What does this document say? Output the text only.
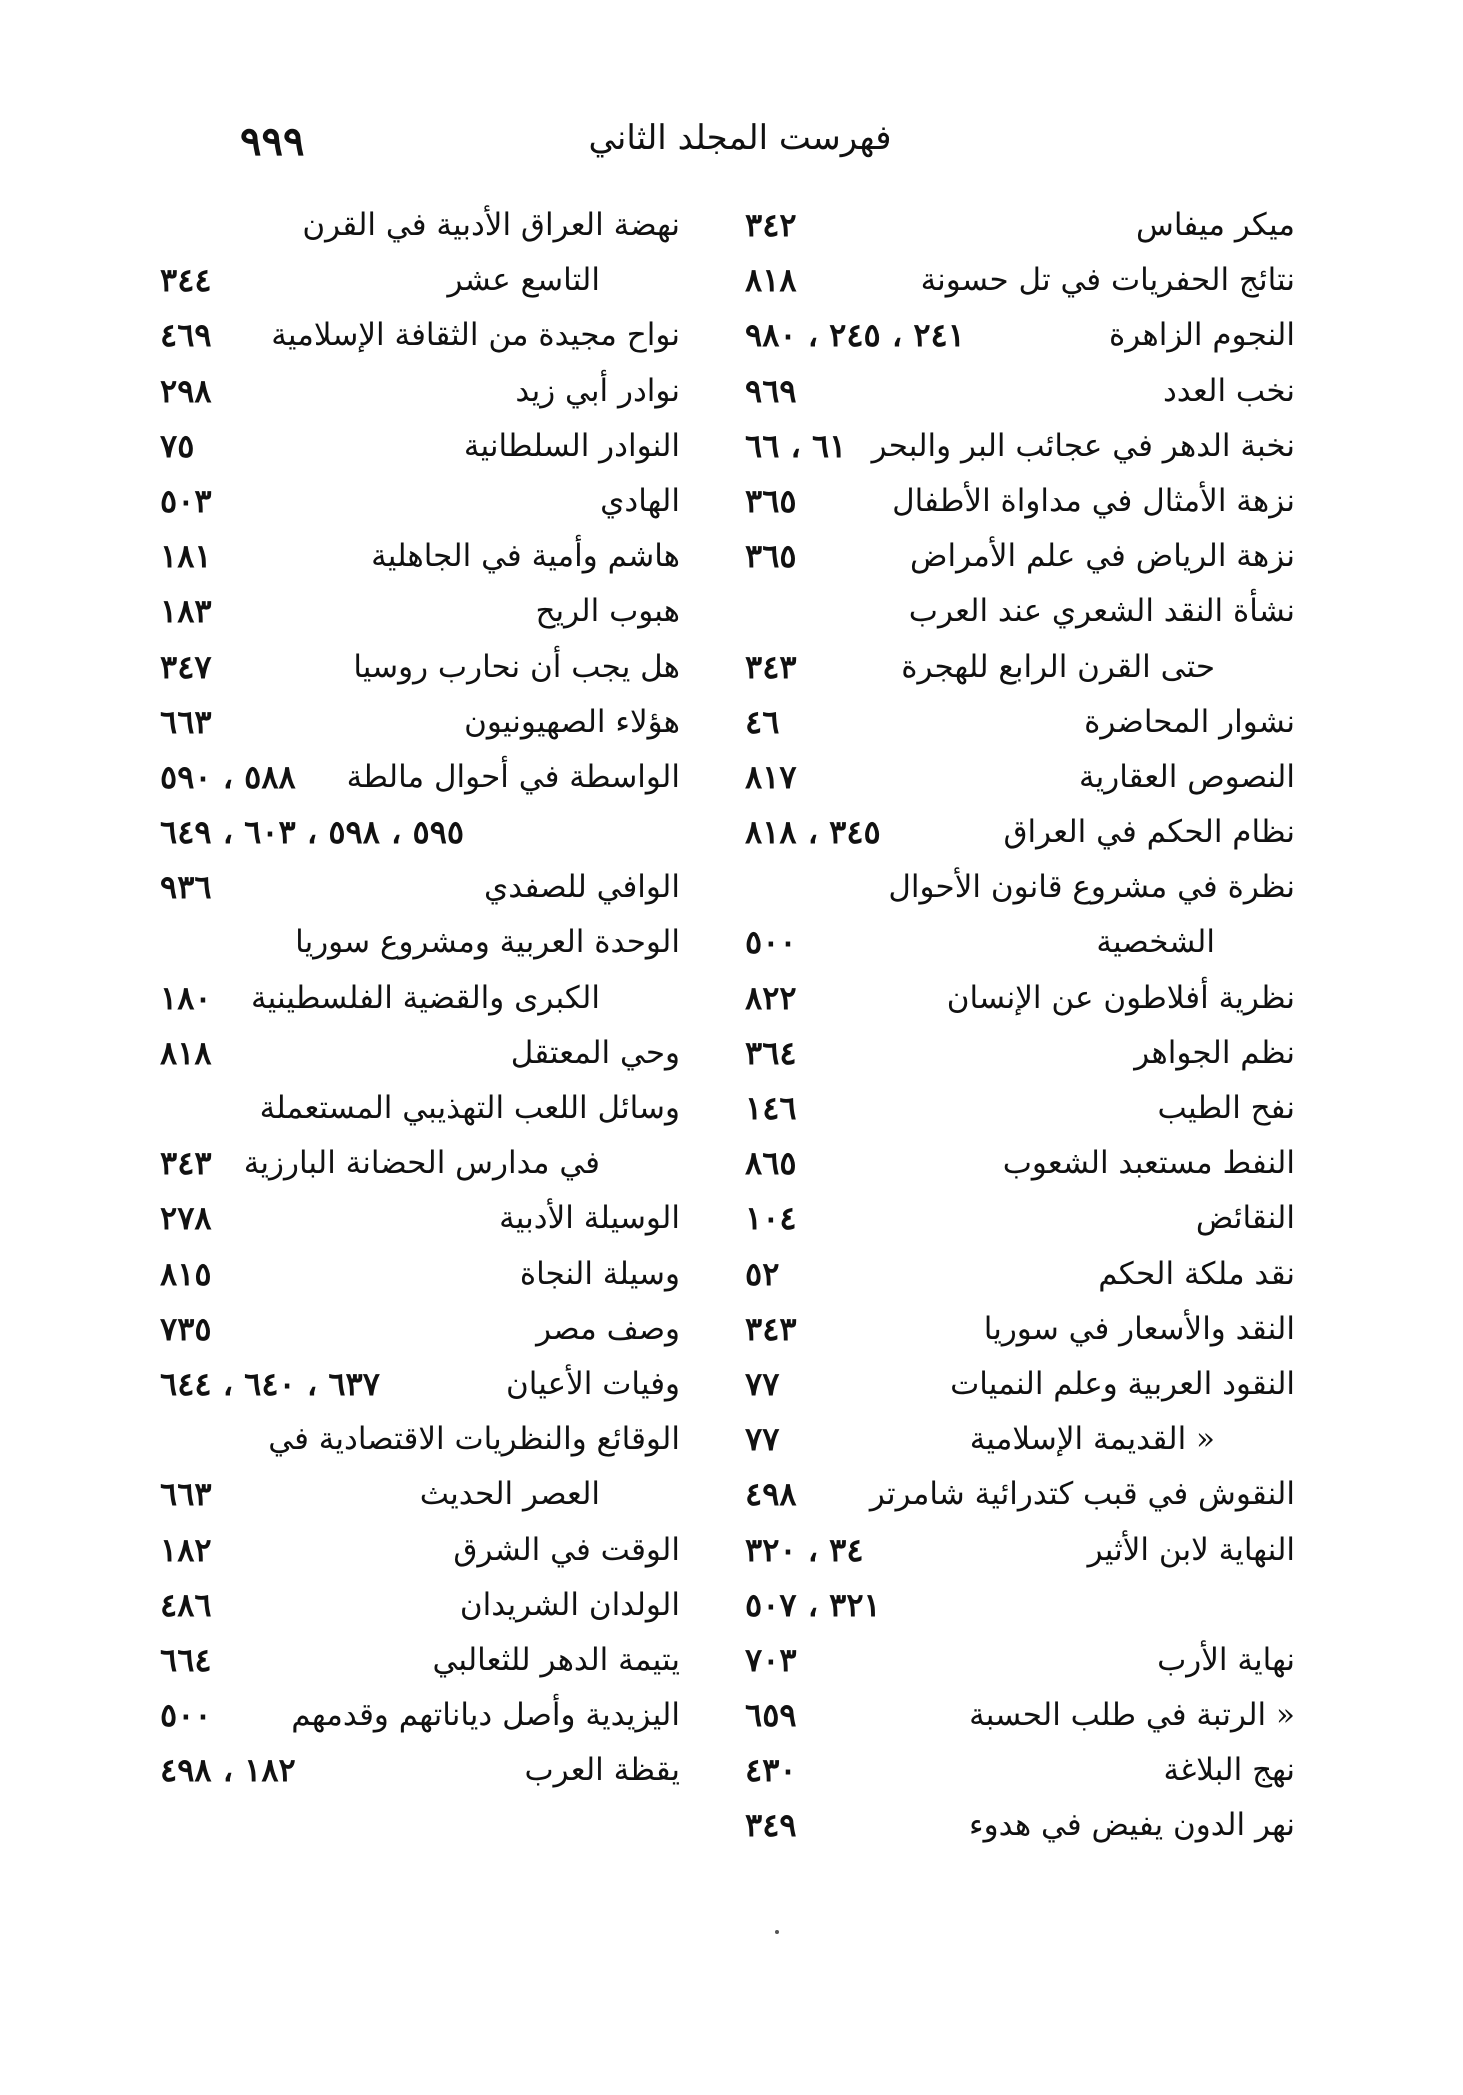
٩٩٩	فهرست المجلد الثاني
ميكر ميفاس
٣٤٢
نتائج الحفريات في تل حسونة
٨١٨
النجوم الزاهرة
٢٤١ ، ٢٤٥ ، ٩٨٠
نخب العدد
٩٦٩
نخبة الدهر في عجائب البر والبحر
٦١ ، ٦٦
نزهة الأمثال في مداواة الأطفال
٣٦٥
نزهة الرياض في علم الأمراض
٣٦٥
نشأة النقد الشعري عند العرب
حتى القرن الرابع للهجرة
٣٤٣
نشوار المحاضرة
٤٦
النصوص العقارية
٨١٧
نظام الحكم في العراق
٣٤٥ ، ٨١٨
نظرة في مشروع قانون الأحوال
الشخصية
٥٠٠
نظرية أفلاطون عن الإنسان
٨٢٢
نظم الجواهر
٣٦٤
نفح الطيب
١٤٦
النفط مستعبد الشعوب
٨٦٥
النقائض
١٠٤
نقد ملكة الحكم
٥٢
النقد والأسعار في سوريا
٣٤٣
النقود العربية وعلم النميات
٧٧
« القديمة الإسلامية
٧٧
النقوش في قبب كتدرائية شامرتر
٤٩٨
النهاية لابن الأثير
٣٤ ، ٣٢٠
٣٢١ ، ٥٠٧
نهاية الأرب
٧٠٣
« الرتبة في طلب الحسبة
٦٥٩
نهج البلاغة
٤٣٠
نهر الدون يفيض في هدوء
٣٤٩
نهضة العراق الأدبية في القرن
التاسع عشر
٣٤٤
نواح مجيدة من الثقافة الإسلامية
٤٦٩
نوادر أبي زيد
٢٩٨
النوادر السلطانية
٧٥
الهادي
٥٠٣
هاشم وأمية في الجاهلية
١٨١
هبوب الريح
١٨٣
هل يجب أن نحارب روسيا
٣٤٧
هؤلاء الصهيونيون
٦٦٣
الواسطة في أحوال مالطة
٥٨٨ ، ٥٩٠
٥٩٥ ، ٥٩٨ ، ٦٠٣ ، ٦٤٩
الوافي للصفدي
٩٣٦
الوحدة العربية ومشروع سوريا
الكبرى والقضية الفلسطينية
١٨٠
وحي المعتقل
٨١٨
وسائل اللعب التهذيبي المستعملة
في مدارس الحضانة البارزية
٣٤٣
الوسيلة الأدبية
٢٧٨
وسيلة النجاة
٨١٥
وصف مصر
٧٣٥
وفيات الأعيان
٦٣٧ ، ٦٤٠ ، ٦٤٤
الوقائع والنظريات الاقتصادية في
العصر الحديث
٦٦٣
الوقت في الشرق
١٨٢
الولدان الشريدان
٤٨٦
يتيمة الدهر للثعالبي
٦٦٤
اليزيدية وأصل دياناتهم وقدمهم
٥٠٠
يقظة العرب
١٨٢ ، ٤٩٨
